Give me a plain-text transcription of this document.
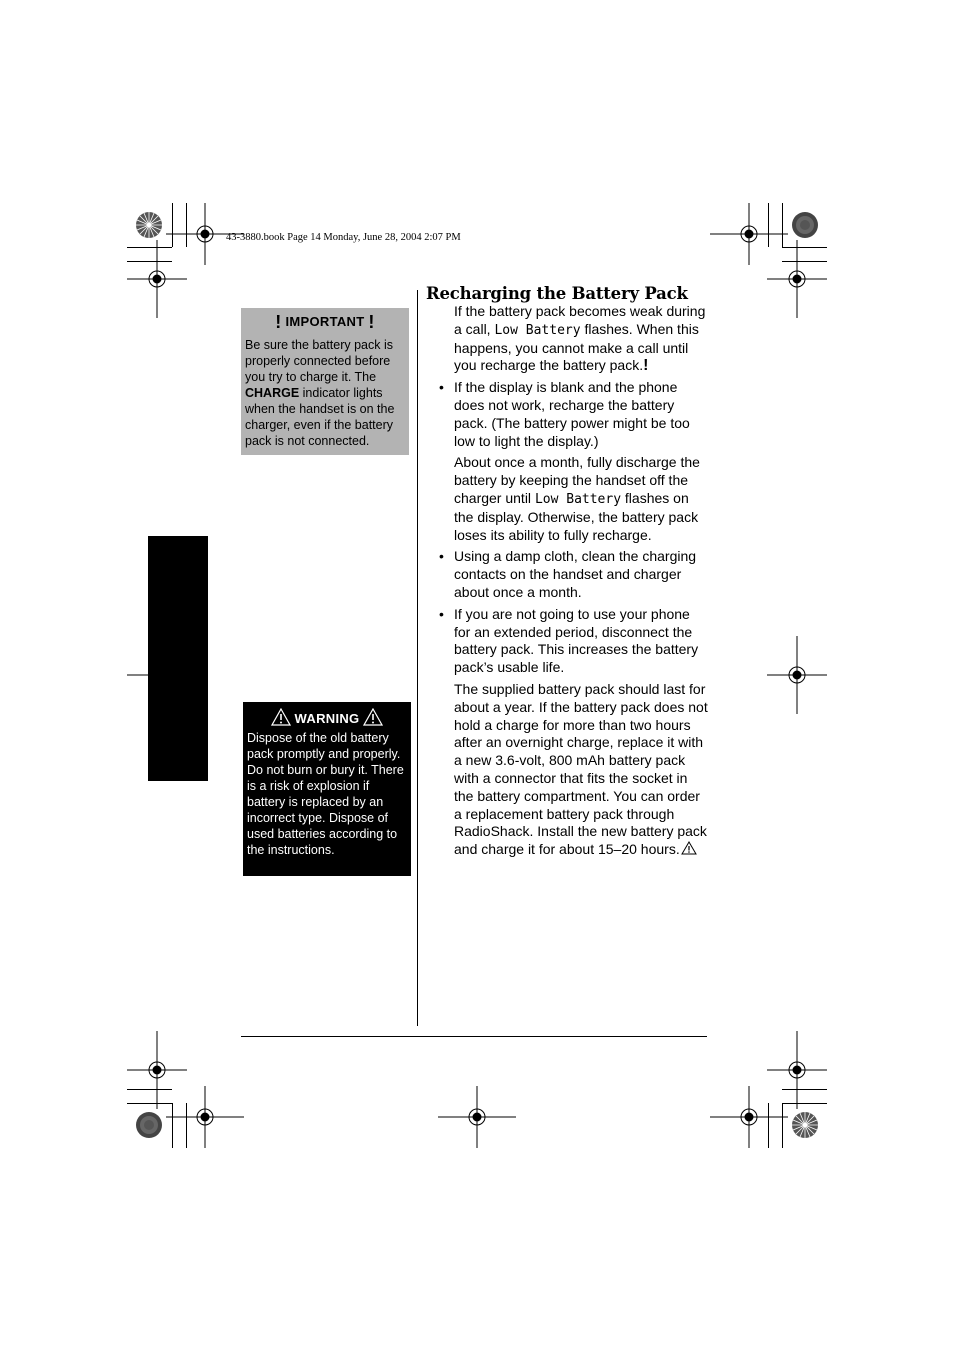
43-3880.book Page 14 Monday, June 28, 2004 2:07 PM
! IMPORTANT !
Be sure the battery pack is properly connected before you try to charge it. The CHARGE indicator lights when the handset is on the charger, even if the battery pack is not connected.
WARNING
Dispose of the old battery pack promptly and properly. Do not burn or bury it. There is a risk of explosion if battery is replaced by an incorrect type. Dispose of used batteries according to the instructions.
Recharging the Battery Pack
If the battery pack becomes weak during a call, Low Battery flashes. When this happens, you cannot make a call until you recharge the battery pack.!
• If the display is blank and the phone does not work, recharge the battery pack. (The battery power might be too low to light the display.)
About once a month, fully discharge the battery by keeping the handset off the charger until Low Battery flashes on the display. Otherwise, the battery pack loses its ability to fully recharge.
• Using a damp cloth, clean the charging contacts on the handset and charger about once a month.
• If you are not going to use your phone for an extended period, disconnect the battery pack. This increases the battery pack’s usable life.
The supplied battery pack should last for about a year. If the battery pack does not hold a charge for more than two hours after an overnight charge, replace it with a new 3.6-volt, 800 mAh battery pack with a connector that fits the socket in the battery compartment. You can order a replacement battery pack through RadioShack. Install the new battery pack and charge it for about 15–20 hours.
